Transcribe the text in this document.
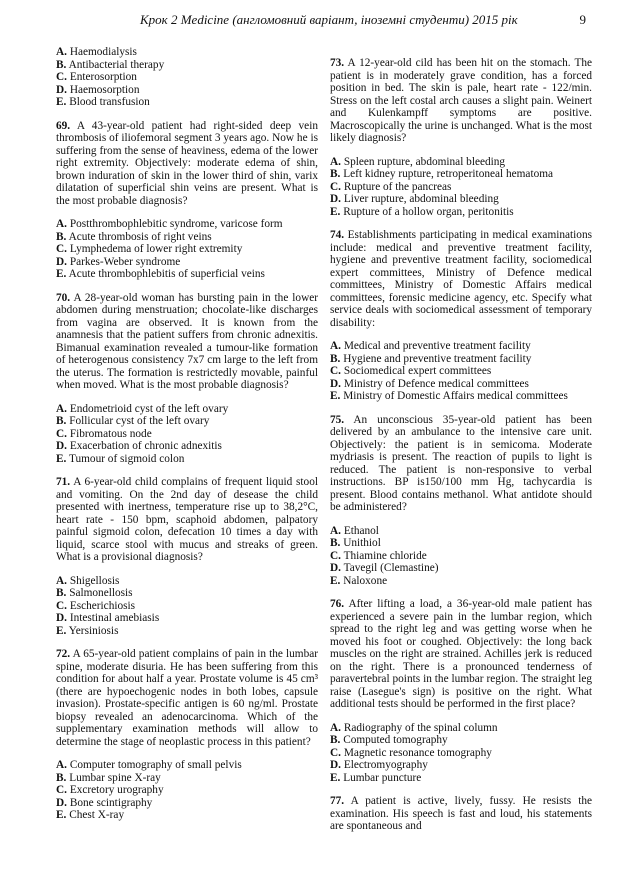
Крок 2 Medicine (англомовний варіант, іноземні студенти) 2015 рік	9
A. Haemodialysis
B. Antibacterial therapy
C. Enterosorption
D. Haemosorption
E. Blood transfusion

69. A 43-year-old patient had right-sided deep vein thrombosis of iliofemoral segment 3 years ago. Now he is suffering from the sense of heaviness, edema of the lower right extremity. Objectively: moderate edema of shin, brown induration of skin in the lower third of shin, varix dilatation of superficial shin veins are present. What is the most probable diagnosis?

A. Postthrombophlebitic syndrome, varicose form
B. Acute thrombosis of right veins
C. Lymphedema of lower right extremity
D. Parkes-Weber syndrome
E. Acute thrombophlebitis of superficial veins

70. A 28-year-old woman has bursting pain in the lower abdomen during menstruation; chocolate-like discharges from vagina are observed. It is known from the anamnesis that the patient suffers from chronic adnexitis. Bimanual examination revealed a tumour-like formation of heterogenous consistency 7x7 cm large to the left from the uterus. The formation is restrictedly movable, painful when moved. What is the most probable diagnosis?

A. Endometrioid cyst of the left ovary
B. Follicular cyst of the left ovary
C. Fibromatous node
D. Exacerbation of chronic adnexitis
E. Tumour of sigmoid colon

71. A 6-year-old child complains of frequent liquid stool and vomiting. On the 2nd day of desease the child presented with inertness, temperature rise up to 38,2°C, heart rate - 150 bpm, scaphoid abdomen, palpatory painful sigmoid colon, defecation 10 times a day with liquid, scarce stool with mucus and streaks of green. What is a provisional diagnosis?

A. Shigellosis
B. Salmonellosis
C. Escherichiosis
D. Intestinal amebiasis
E. Yersiniosis

72. A 65-year-old patient complains of pain in the lumbar spine, moderate disuria. He has been suffering from this condition for about half a year. Prostate volume is 45 cm³ (there are hypoechogenic nodes in both lobes, capsule invasion). Prostate-specific antigen is 60 ng/ml. Prostate biopsy revealed an adenocarcinoma. Which of the supplementary examination methods will allow to determine the stage of neoplastic process in this patient?

A. Computer tomography of small pelvis
B. Lumbar spine X-ray
C. Excretory urography
D. Bone scintigraphy
E. Chest X-ray

73. A 12-year-old cild has been hit on the stomach. The patient is in moderately grave condition, has a forced position in bed. The skin is pale, heart rate - 122/min. Stress on the left costal arch causes a slight pain. Weinert and Kulenkampff symptoms are positive. Macroscopically the urine is unchanged. What is the most likely diagnosis?

A. Spleen rupture, abdominal bleeding
B. Left kidney rupture, retroperitoneal hematoma
C. Rupture of the pancreas
D. Liver rupture, abdominal bleeding
E. Rupture of a hollow organ, peritonitis

74. Establishments participating in medical examinations include: medical and preventive treatment facility, hygiene and preventive treatment facility, sociomedical expert committees, Ministry of Defence medical committees, Ministry of Domestic Affairs medical committees, forensic medicine agency, etc. Specify what service deals with sociomedical assessment of temporary disability:

A. Medical and preventive treatment facility
B. Hygiene and preventive treatment facility
C. Sociomedical expert committees
D. Ministry of Defence medical committees
E. Ministry of Domestic Affairs medical committees

75. An unconscious 35-year-old patient has been delivered by an ambulance to the intensive care unit. Objectively: the patient is in semicoma. Moderate mydriasis is present. The reaction of pupils to light is reduced. The patient is non-responsive to verbal instructions. BP is150/100 mm Hg, tachycardia is present. Blood contains methanol. What antidote should be administered?

A. Ethanol
B. Unithiol
C. Thiamine chloride
D. Tavegil (Clemastine)
E. Naloxone

76. After lifting a load, a 36-year-old male patient has experienced a severe pain in the lumbar region, which spread to the right leg and was getting worse when he moved his foot or coughed. Objectively: the long back muscles on the right are strained. Achilles jerk is reduced on the right. There is a pronounced tenderness of paravertebral points in the lumbar region. The straight leg raise (Lasegue's sign) is positive on the right. What additional tests should be performed in the first place?

A. Radiography of the spinal column
B. Computed tomography
C. Magnetic resonance tomography
D. Electromyography
E. Lumbar puncture

77. A patient is active, lively, fussy. He resists the examination. His speech is fast and loud, his statements are spontaneous and
